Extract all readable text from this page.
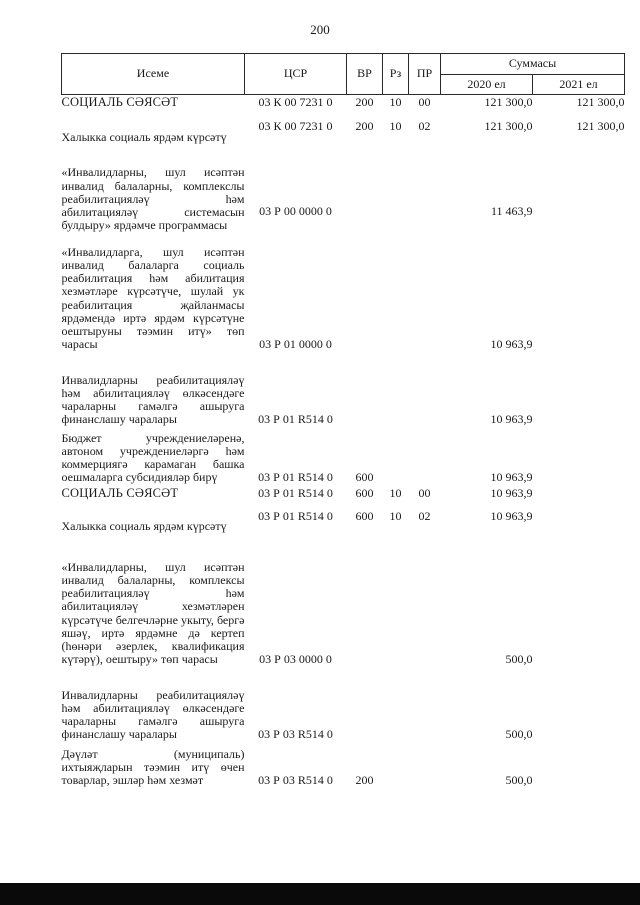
200
Исеме	ЦСР	ВР	Рз	ПР	Суммасы	
					2020 ел	2021 ел
СОЦИАЛЬ СӘЯСӘТ	03 К 00 7231 0	200	10	00	121 300,0	121 300,0
Халыкка социаль ярдәм күрсәтү	03 К 00 7231 0	200	10	02	121 300,0	121 300,0
«Инвалидларны, шул исәптән инвалид балаларны, комплекслы реабилитацияләү һәм абилитацияләү системасын булдыру» ярдәмче программасы	03 Р 00 0000 0				11 463,9	
«Инвалидларга, шул исәптән инвалид балаларга социаль реабилитация һәм абилитация хезмәтләре күрсәтүче, шулай ук реабилитация җайланмасы ярдәмендә иртә ярдәм күрсәтүне оештыруны тәэмин итү» төп чарасы	03 Р 01 0000 0				10 963,9	
Инвалидларны реабилитацияләү һәм абилитацияләү өлкәсендәге чараларны гамәлгә ашыруга финанслашу чаралары	03 Р 01 R514 0				10 963,9	
Бюджет учреждениеләренә, автоном учреждениеләргә һәм коммерциягә карамаган башка оешмаларга субсидияләр бирү	03 Р 01 R514 0	600			10 963,9	
СОЦИАЛЬ СӘЯСӘТ	03 Р 01 R514 0	600	10	00	10 963,9	
Халыкка социаль ярдәм күрсәтү	03 Р 01 R514 0	600	10	02	10 963,9	
«Инвалидларны, шул исәптән инвалид балаларны, комплексы реабилитацияләү һәм абилитацияләү хезмәтләрен күрсәтүче белгечләрне укыту, бергә яшәү, иртә ярдәмне дә кертеп (һөнәри әзерлек, квалификация күтәрү), оештыру» төп чарасы	03 Р 03 0000 0				500,0	
Инвалидларны реабилитацияләү һәм абилитацияләү өлкәсендәге чараларны гамәлгә ашыруга финанслашу чаралары	03 Р 03 R514 0				500,0	
Дәүләт (муниципаль) ихтыяҗларын тәэмин итү өчен товарлар, эшләр һәм хезмәт	03 Р 03 R514 0	200			500,0	
